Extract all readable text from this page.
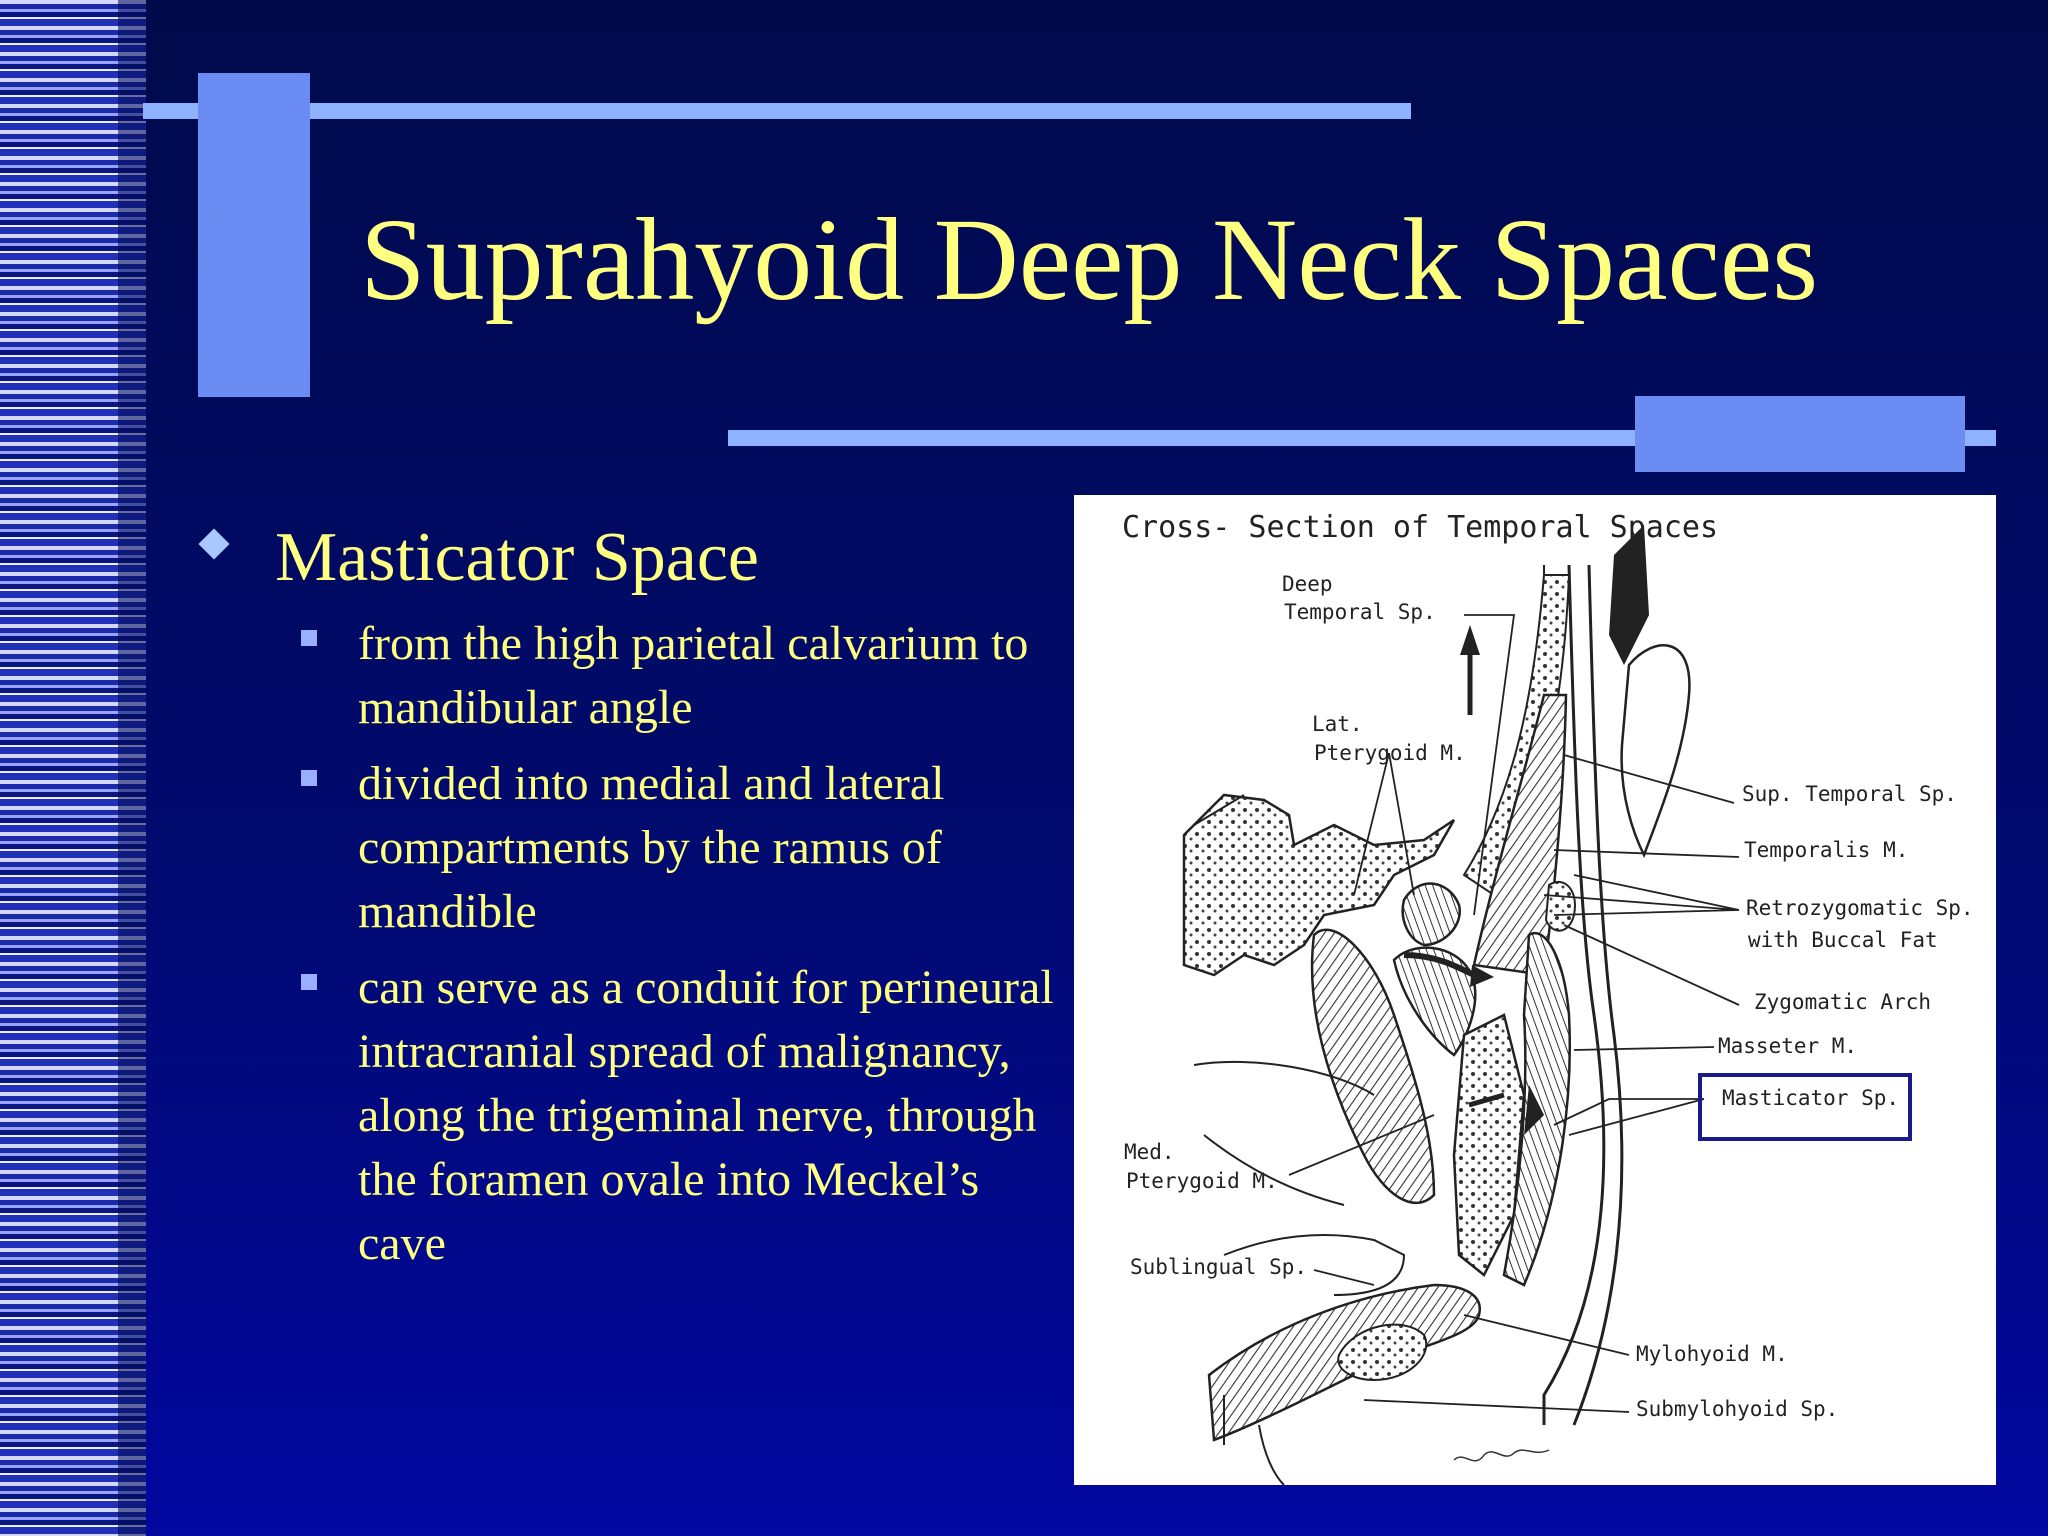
Suprahyoid Deep Neck Spaces
Masticator Space
from the high parietal calvarium to mandibular angle
divided into medial and lateral compartments by the ramus of mandible
can serve as a conduit for perineural intracranial spread of malignancy, along the trigeminal nerve, through the foramen ovale into Meckel’s cave
Cross- Section of Temporal Spaces
Deep
Temporal Sp.
Lat.
Pterygoid M.
Sup. Temporal Sp.
Temporalis M.
Retrozygomatic Sp.
with Buccal Fat
Zygomatic Arch
Masseter M.
Masticator Sp.
Med.
Pterygoid M.
Sublingual Sp.
Mylohyoid M.
Submylohyoid Sp.
